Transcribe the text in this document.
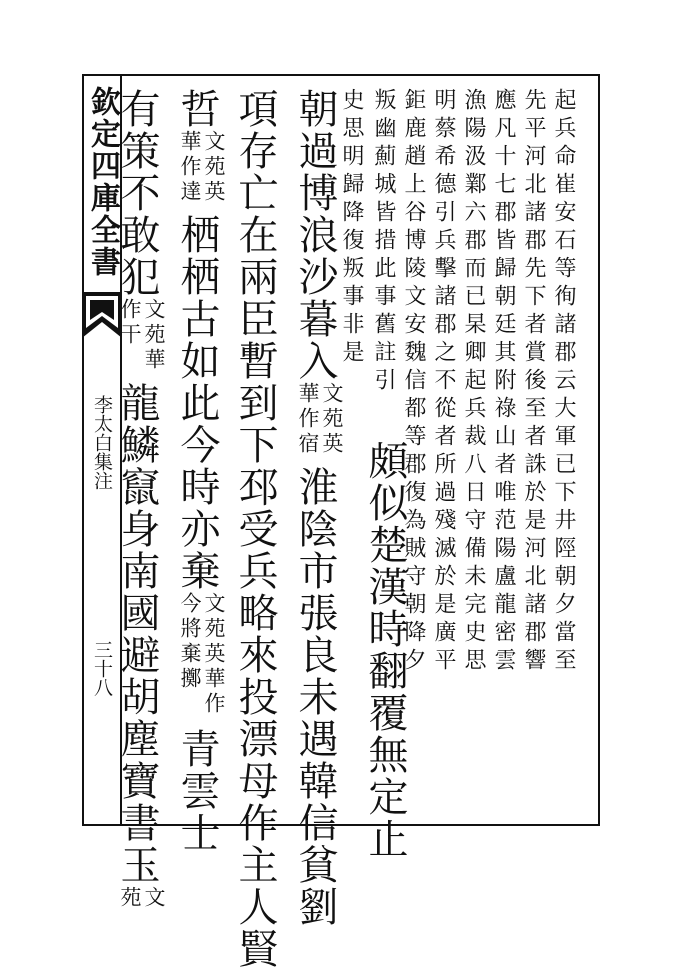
欽定四庫全書
李太白集注
三十八	起兵命崔安石等徇諸郡云大軍已下井陘朝夕當至
先平河北諸郡先下者賞後至者誅於是河北諸郡響
應凡十七郡皆歸朝廷其附祿山者唯范陽盧龍密雲
漁陽汲鄴六郡而已杲卿起兵裁八日守備未完史思
明蔡希德引兵擊諸郡之不從者所過殘滅於是廣平
鉅鹿趙上谷博陵文安魏信都等郡復為賊守朝降夕
叛幽薊城皆措此事舊註引
史思明歸降復叛事非是
朝過博浪沙暮入文苑英華作宿淮陰市張良未遇韓信貧劉 頗似楚漢時翻覆無定止
項存亡在兩臣暫到下邳受兵略來投漂母作主人賢
哲文苑英華作達栖栖古如此今時亦棄文苑英華作今將棄擲青雲士
有策不敢犯文苑華作干龍鱗竄身南國避胡塵寶書玉文苑
